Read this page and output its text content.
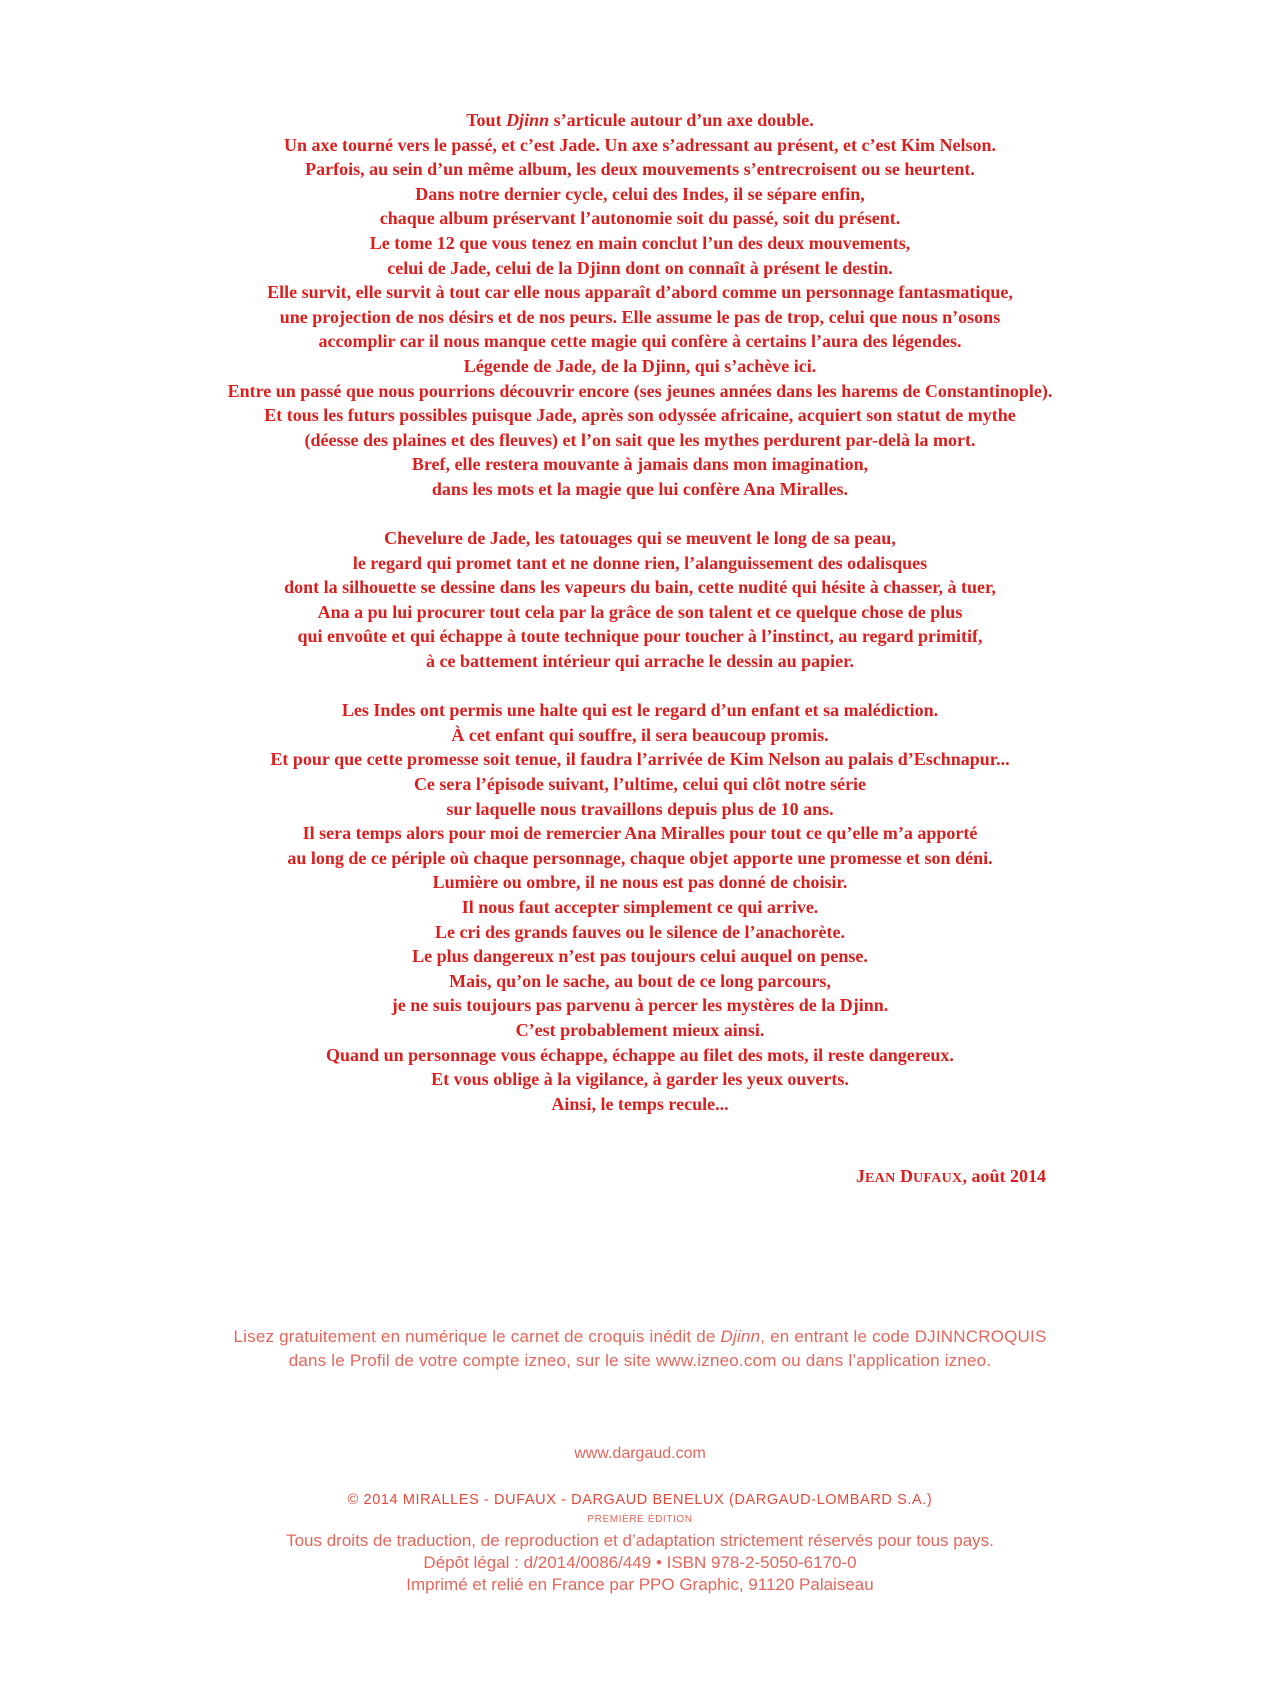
Tout Djinn s’articule autour d’un axe double.
Un axe tourné vers le passé, et c’est Jade. Un axe s’adressant au présent, et c’est Kim Nelson.
Parfois, au sein d’un même album, les deux mouvements s’entrecroisent ou se heurtent.
Dans notre dernier cycle, celui des Indes, il se sépare enfin,
chaque album préservant l’autonomie soit du passé, soit du présent.
Le tome 12 que vous tenez en main conclut l’un des deux mouvements,
celui de Jade, celui de la Djinn dont on connaît à présent le destin.
Elle survit, elle survit à tout car elle nous apparaît d’abord comme un personnage fantasmatique,
une projection de nos désirs et de nos peurs. Elle assume le pas de trop, celui que nous n’osons
accomplir car il nous manque cette magie qui confère à certains l’aura des légendes.
Légende de Jade, de la Djinn, qui s’achève ici.
Entre un passé que nous pourrions découvrir encore (ses jeunes années dans les harems de Constantinople).
Et tous les futurs possibles puisque Jade, après son odyssée africaine, acquiert son statut de mythe
(déesse des plaines et des fleuves) et l’on sait que les mythes perdurent par-delà la mort.
Bref, elle restera mouvante à jamais dans mon imagination,
dans les mots et la magie que lui confère Ana Miralles.
Chevelure de Jade, les tatouages qui se meuvent le long de sa peau,
le regard qui promet tant et ne donne rien, l’alanguissement des odalisques
dont la silhouette se dessine dans les vapeurs du bain, cette nudité qui hésite à chasser, à tuer,
Ana a pu lui procurer tout cela par la grâce de son talent et ce quelque chose de plus
qui envoûte et qui échappe à toute technique pour toucher à l’instinct, au regard primitif,
à ce battement intérieur qui arrache le dessin au papier.
Les Indes ont permis une halte qui est le regard d’un enfant et sa malédiction.
À cet enfant qui souffre, il sera beaucoup promis.
Et pour que cette promesse soit tenue, il faudra l’arrivée de Kim Nelson au palais d’Eschnapur...
Ce sera l’épisode suivant, l’ultime, celui qui clôt notre série
sur laquelle nous travaillons depuis plus de 10 ans.
Il sera temps alors pour moi de remercier Ana Miralles pour tout ce qu’elle m’a apporté
au long de ce périple où chaque personnage, chaque objet apporte une promesse et son déni.
Lumière ou ombre, il ne nous est pas donné de choisir.
Il nous faut accepter simplement ce qui arrive.
Le cri des grands fauves ou le silence de l’anachorète.
Le plus dangereux n’est pas toujours celui auquel on pense.
Mais, qu’on le sache, au bout de ce long parcours,
je ne suis toujours pas parvenu à percer les mystères de la Djinn.
C’est probablement mieux ainsi.
Quand un personnage vous échappe, échappe au filet des mots, il reste dangereux.
Et vous oblige à la vigilance, à garder les yeux ouverts.
Ainsi, le temps recule...
JEAN DUFAUX, août 2014
Lisez gratuitement en numérique le carnet de croquis inédit de Djinn, en entrant le code DJINNCROQUIS
dans le Profil de votre compte izneo, sur le site www.izneo.com ou dans l’application izneo.
www.dargaud.com
© 2014 MIRALLES - DUFAUX - DARGAUD BENELUX (DARGAUD-LOMBARD S.A.)
PREMIÈRE ÉDITION
Tous droits de traduction, de reproduction et d’adaptation strictement réservés pour tous pays.
Dépôt légal : d/2014/0086/449 • ISBN 978-2-5050-6170-0
Imprimé et relié en France par PPO Graphic, 91120 Palaiseau
